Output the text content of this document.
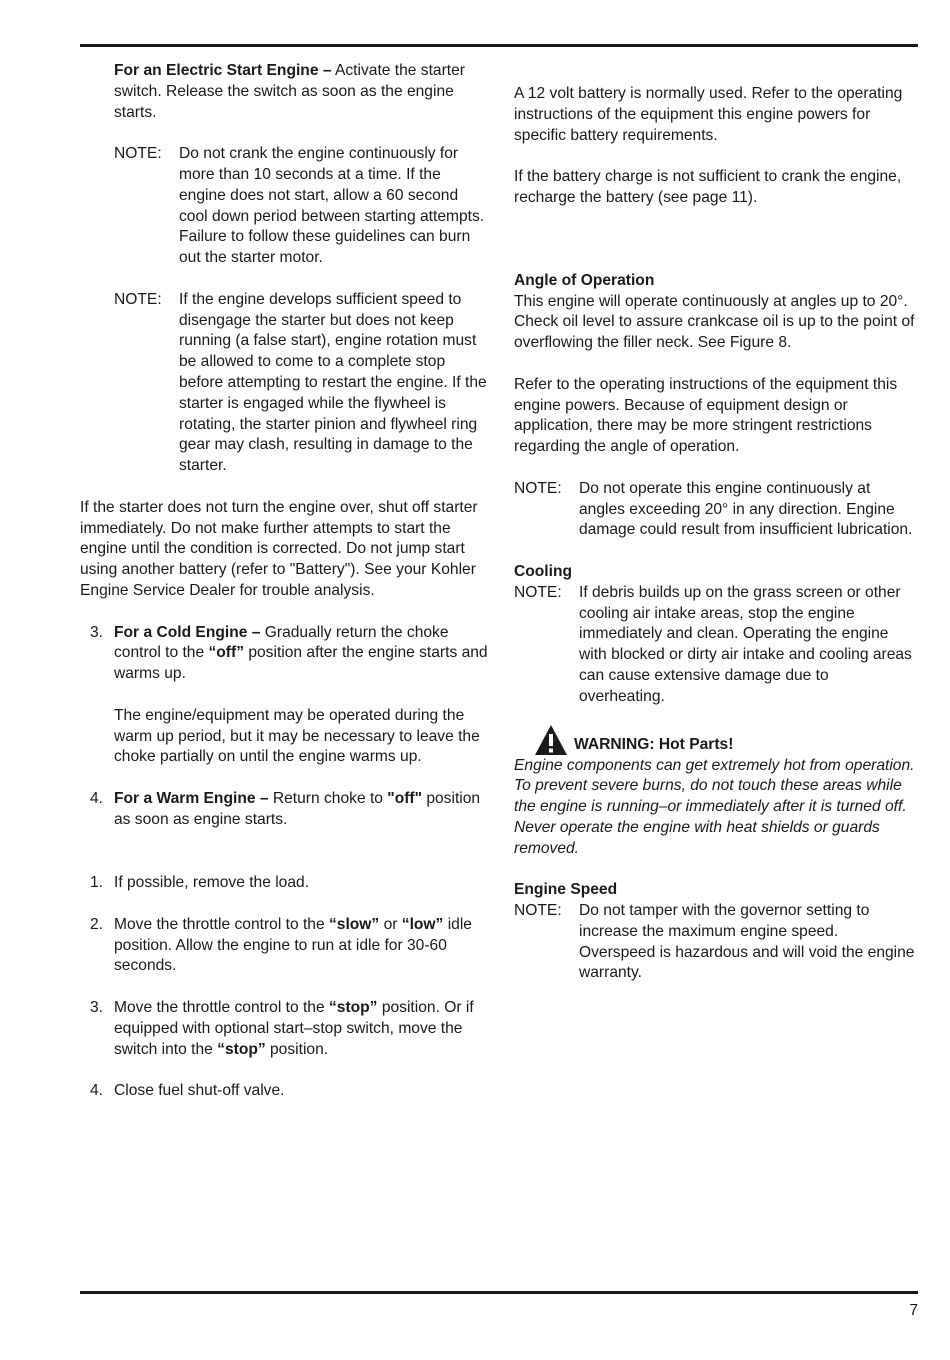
For an Electric Start Engine – Activate the starter switch. Release the switch as soon as the engine starts.

NOTE:	Do not crank the engine continuously for more than 10 seconds at a time. If the engine does not start, allow a 60 second cool down period between starting attempts. Failure to follow these guidelines can burn out the starter motor.
NOTE:	If the engine develops sufficient speed to disengage the starter but does not keep running (a false start), engine rotation must be allowed to come to a complete stop before attempting to restart the engine. If the starter is engaged while the flywheel is rotating, the starter pinion and flywheel ring gear may clash, resulting in damage to the starter.

If the starter does not turn the engine over, shut off starter immediately. Do not make further attempts to start the engine until the condition is corrected. Do not jump start using another battery (refer to "Battery"). See your Kohler Engine Service Dealer for trouble analysis.

3. For a Cold Engine – Gradually return the choke control to the “off” position after the engine starts and warms up.

The engine/equipment may be operated during the warm up period, but it may be necessary to leave the choke partially on until the engine warms up.

4. For a Warm Engine – Return choke to "off" position as soon as engine starts.

1. If possible, remove the load.

2. Move the throttle control to the “slow” or “low” idle position. Allow the engine to run at idle for 30-60 seconds.

3. Move the throttle control to the “stop” position. Or if equipped with optional start–stop switch, move the switch into the “stop” position.

4. Close fuel shut-off valve.

A 12 volt battery is normally used. Refer to the operating instructions of the equipment this engine powers for specific battery requirements.

If the battery charge is not sufficient to crank the engine, recharge the battery (see page 11).

Angle of Operation

This engine will operate continuously at angles up to 20°. Check oil level to assure crankcase oil is up to the point of overflowing the filler neck. See Figure 8.

Refer to the operating instructions of the equipment this engine powers. Because of equipment design or application, there may be more stringent restrictions regarding the angle of operation.

NOTE:	Do not operate this engine continuously at angles exceeding 20° in any direction. Engine damage could result from insufficient lubrication.

Cooling

NOTE:	If debris builds up on the grass screen or other cooling air intake areas, stop the engine immediately and clean. Operating the engine with blocked or dirty air intake and cooling areas can cause extensive damage due to overheating.
WARNING: Hot Parts!

Engine components can get extremely hot from operation. To prevent severe burns, do not touch these areas while the engine is running–or immediately after it is turned off. Never operate the engine with heat shields or guards removed.

Engine Speed

NOTE:	Do not tamper with the governor setting to increase the maximum engine speed. Overspeed is hazardous and will void the engine warranty.
7
